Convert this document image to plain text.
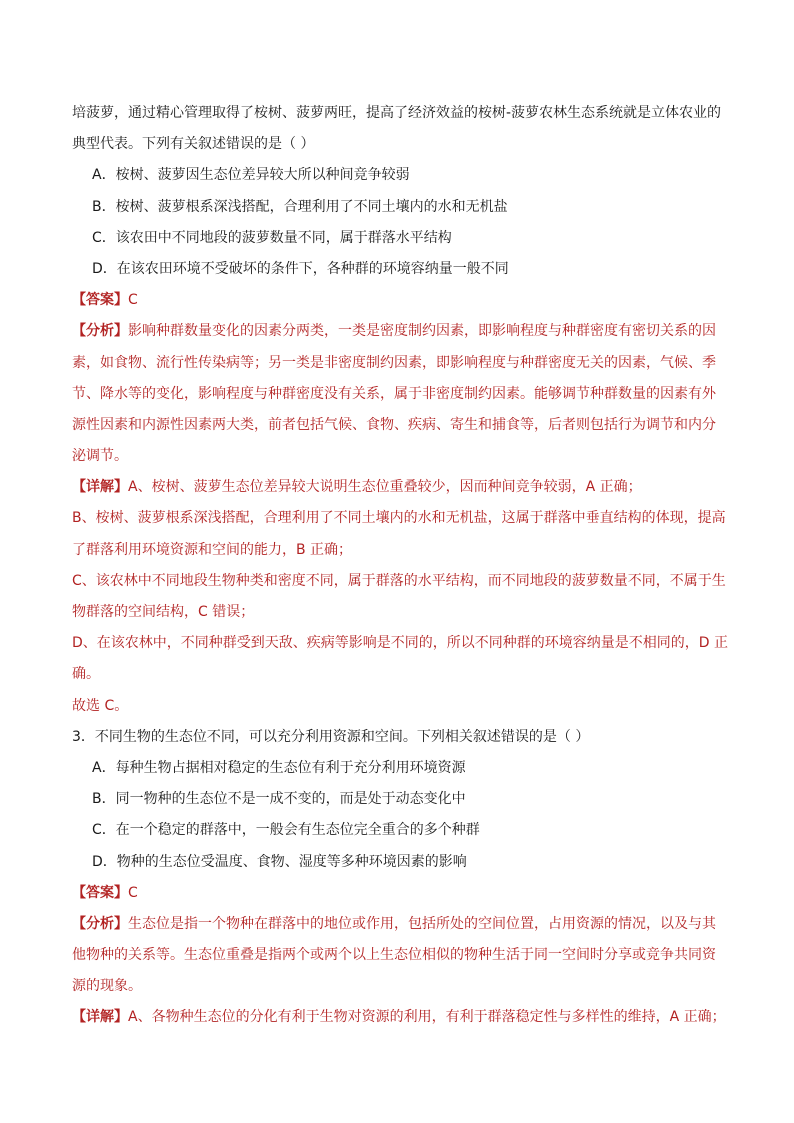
培菠萝，通过精心管理取得了桉树、菠萝两旺，提高了经济效益的桉树-菠萝农林生态系统就是立体农业的
典型代表。下列有关叙述错误的是（ ）
A．桉树、菠萝因生态位差异较大所以种间竞争较弱
B．桉树、菠萝根系深浅搭配，合理利用了不同土壤内的水和无机盐
C．该农田中不同地段的菠萝数量不同，属于群落水平结构
D．在该农田环境不受破坏的条件下，各种群的环境容纳量一般不同
【答案】C
【分析】影响种群数量变化的因素分两类，一类是密度制约因素，即影响程度与种群密度有密切关系的因
素，如食物、流行性传染病等；另一类是非密度制约因素，即影响程度与种群密度无关的因素，气候、季
节、降水等的变化，影响程度与种群密度没有关系，属于非密度制约因素。能够调节种群数量的因素有外
源性因素和内源性因素两大类，前者包括气候、食物、疾病、寄生和捕食等，后者则包括行为调节和内分
泌调节。
【详解】A、桉树、菠萝生态位差异较大说明生态位重叠较少，因而种间竞争较弱，A 正确；
B、桉树、菠萝根系深浅搭配，合理利用了不同土壤内的水和无机盐，这属于群落中垂直结构的体现，提高
了群落利用环境资源和空间的能力，B 正确；
C、该农林中不同地段生物种类和密度不同，属于群落的水平结构，而不同地段的菠萝数量不同，不属于生
物群落的空间结构，C 错误；
D、在该农林中，不同种群受到天敌、疾病等影响是不同的，所以不同种群的环境容纳量是不相同的，D 正
确。
故选 C。
3．不同生物的生态位不同，可以充分利用资源和空间。下列相关叙述错误的是（ ）
A．每种生物占据相对稳定的生态位有利于充分利用环境资源
B．同一物种的生态位不是一成不变的，而是处于动态变化中
C．在一个稳定的群落中，一般会有生态位完全重合的多个种群
D．物种的生态位受温度、食物、湿度等多种环境因素的影响
【答案】C
【分析】生态位是指一个物种在群落中的地位或作用，包括所处的空间位置，占用资源的情况，以及与其
他物种的关系等。生态位重叠是指两个或两个以上生态位相似的物种生活于同一空间时分享或竞争共同资
源的现象。
【详解】A、各物种生态位的分化有利于生物对资源的利用，有利于群落稳定性与多样性的维持，A 正确；
